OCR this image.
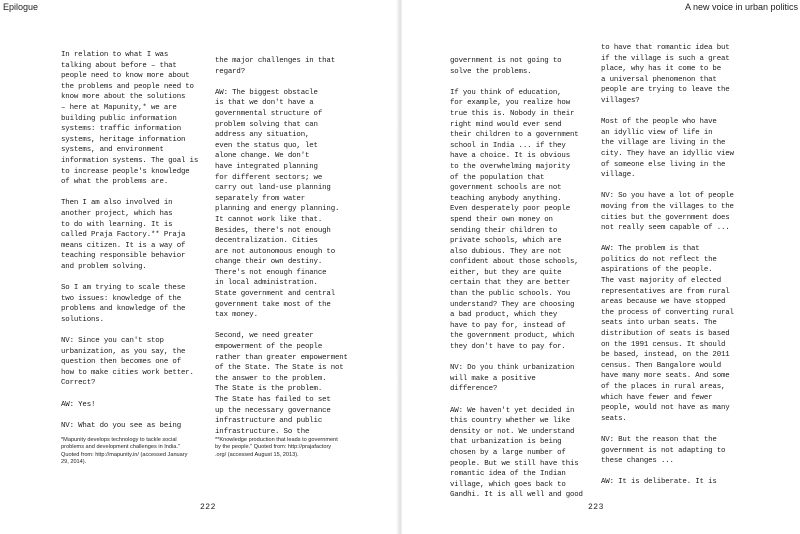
Epilogue
In relation to what I was
talking about before – that
people need to know more about
the problems and people need to
know more about the solutions
– here at Mapunity,* we are
building public information
systems: traffic information
systems, heritage information
systems, and environment
information systems. The goal is
to increase people's knowledge
of what the problems are.
Then I am also involved in
another project, which has
to do with learning. It is
called Praja Factory.** Praja
means citizen. It is a way of
teaching responsible behavior
and problem solving.
So I am trying to scale these
two issues: knowledge of the
problems and knowledge of the
solutions.
NV: Since you can't stop
urbanization, as you say, the
question then becomes one of
how to make cities work better.
Correct?
AW: Yes!
NV: What do you see as being
the major challenges in that
regard?
AW: The biggest obstacle
is that we don't have a
governmental structure of
problem solving that can
address any situation,
even the status quo, let
alone change. We don't
have integrated planning
for different sectors; we
carry out land-use planning
separately from water
planning and energy planning.
It cannot work like that.
Besides, there's not enough
decentralization. Cities
are not autonomous enough to
change their own destiny.
There's not enough finance
in local administration.
State government and central
government take most of the
tax money.
Second, we need greater
empowerment of the people
rather than greater empowerment
of the State. The State is not
the answer to the problem.
The State is the problem.
The State has failed to set
up the necessary governance
infrastructure and public
infrastructure. So the
*Mapunity develops technology to tackle social
problems and development challenges in India."
Quoted from: http://mapunity.in/ (accessed January
29, 2014).
**Knowledge production that leads to government
by the people." Quoted from: http://prajafactory
.org/ (accessed August 15, 2013).
222
A new voice in urban politics
government is not going to
solve the problems.
If you think of education,
for example, you realize how
true this is. Nobody in their
right mind would ever send
their children to a government
school in India ... if they
have a choice. It is obvious
to the overwhelming majority
of the population that
government schools are not
teaching anybody anything.
Even desperately poor people
spend their own money on
sending their children to
private schools, which are
also dubious. They are not
confident about those schools,
either, but they are quite
certain that they are better
than the public schools. You
understand? They are choosing
a bad product, which they
have to pay for, instead of
the government product, which
they don't have to pay for.
NV: Do you think urbanization
will make a positive
difference?
AW: We haven't yet decided in
this country whether we like
density or not. We understand
that urbanization is being
chosen by a large number of
people. But we still have this
romantic idea of the Indian
village, which goes back to
Gandhi. It is all well and good
to have that romantic idea but
if the village is such a great
place, why has it come to be
a universal phenomenon that
people are trying to leave the
villages?
Most of the people who have
an idyllic view of life in
the village are living in the
city. They have an idyllic view
of someone else living in the
village.
NV: So you have a lot of people
moving from the villages to the
cities but the government does
not really seem capable of ...
AW: The problem is that
politics do not reflect the
aspirations of the people.
The vast majority of elected
representatives are from rural
areas because we have stopped
the process of converting rural
seats into urban seats. The
distribution of seats is based
on the 1991 census. It should
be based, instead, on the 2011
census. Then Bangalore would
have many more seats. And some
of the places in rural areas,
which have fewer and fewer
people, would not have as many
seats.
NV: But the reason that the
government is not adapting to
these changes ...
AW: It is deliberate. It is
223
